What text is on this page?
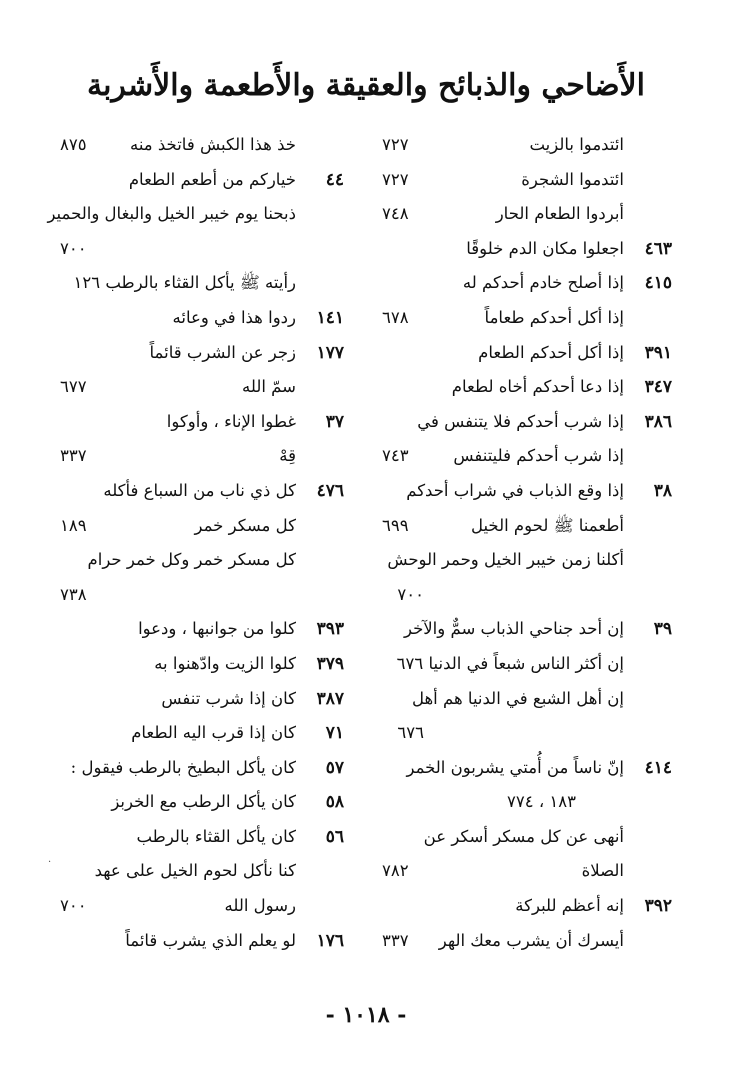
الأَضاحي والذبائح والعقيقة والأَطعمة والأَشربة
ائتدموا بالزيت
٧٢٧
ائتدموا الشجرة
٧٢٧
أبردوا الطعام الحار
٧٤٨
٤٦٣
اجعلوا مكان الدم خلوقًا
٤١٥
إذا أصلح خادم أحدكم له
إذا أكل أحدكم طعاماً
٦٧٨
٣٩١
إذا أكل أحدكم الطعام
٣٤٧
إذا دعا أحدكم أخاه لطعام
٣٨٦
إذا شرب أحدكم فلا يتنفس في
إذا شرب أحدكم فليتنفس
٧٤٣
٣٨
إذا وقع الذباب في شراب أحدكم
أطعمنا ﷺ لحوم الخيل
٦٩٩
أكلنا زمن خيبر الخيل وحمر الوحش
٧٠٠
٣٩
إن أحد جناحي الذباب سمٌّ والآخر
إن أكثر الناس شبعاً في الدنيا ٦٧٦
إن أهل الشبع في الدنيا هم أهل
٦٧٦
٤١٤
إنّ ناساً من أُمتي يشربون الخمر
١٨٣ ، ٧٧٤
أنهى عن كل مسكر أسكر عن
الصلاة
٧٨٢
٣٩٢
إنه أعظم للبركة
أيسرك أن يشرب معك الهر
٣٣٧
خذ هذا الكبش فاتخذ منه
٨٧٥
٤٤
خياركم من أطعم الطعام
ذبحنا يوم خيبر الخيل والبغال والحمير
٧٠٠
رأيته ﷺ يأكل القثاء بالرطب ١٢٦
١٤١
ردوا هذا في وعائه
١٧٧
زجر عن الشرب قائماً
سمّ الله
٦٧٧
٣٧
غطوا الإناء ، وأوكوا
قِهْ
٣٣٧
٤٧٦
كل ذي ناب من السباع فأكله
كل مسكر خمر
١٨٩
كل مسكر خمر وكل خمر حرام
٧٣٨
٣٩٣
كلوا من جوانبها ، ودعوا
٣٧٩
كلوا الزيت وادّهنوا به
٣٨٧
كان إذا شرب تنفس
٧١
كان إذا قرب اليه الطعام
٥٧
كان يأكل البطيخ بالرطب فيقول :
٥٨
كان يأكل الرطب مع الخربز
٥٦
كان يأكل القثاء بالرطب
كنا نأكل لحوم الخيل على عهد
رسول الله
٧٠٠
١٧٦
لو يعلم الذي يشرب قائماً
·
- ١٠١٨ -
